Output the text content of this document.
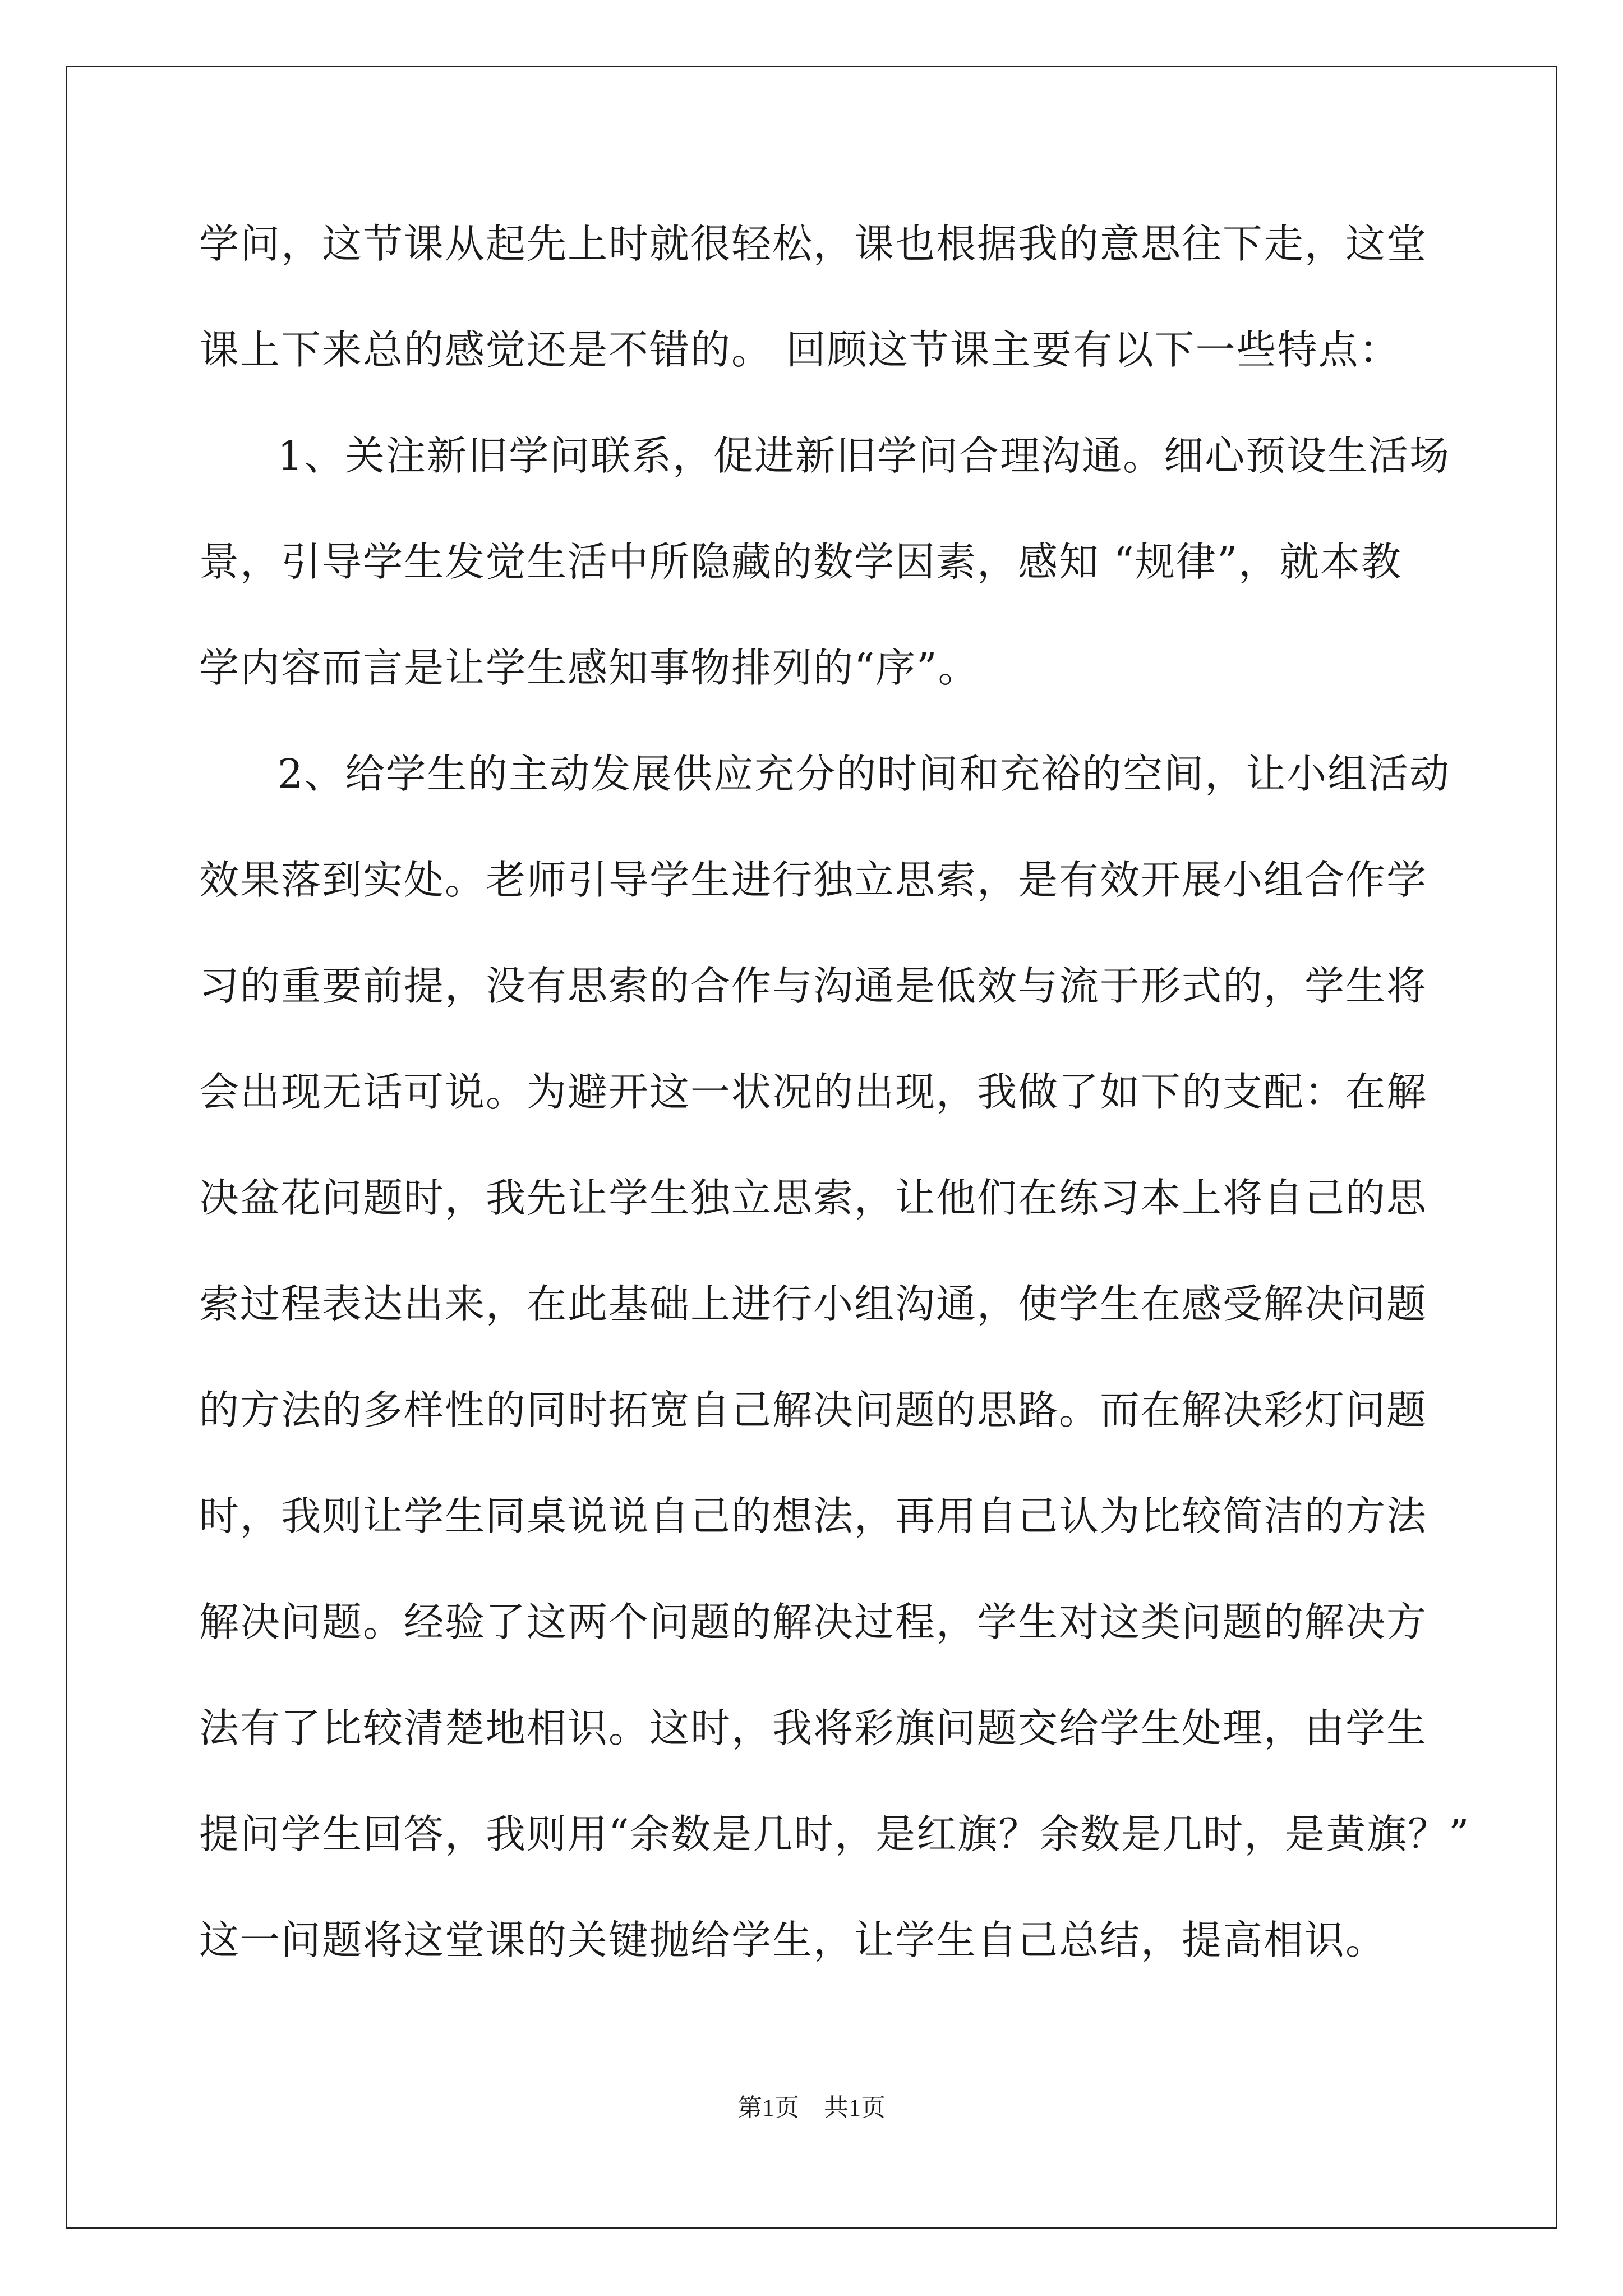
学问，这节课从起先上时就很轻松，课也根据我的意思往下走，这堂
课上下来总的感觉还是不错的。 回顾这节课主要有以下一些特点：
1、关注新旧学问联系，促进新旧学问合理沟通。细心预设生活场
景，引导学生发觉生活中所隐藏的数学因素，感知 “规律”，就本教
学内容而言是让学生感知事物排列的“序”。
2、给学生的主动发展供应充分的时间和充裕的空间，让小组活动
效果落到实处。老师引导学生进行独立思索，是有效开展小组合作学
习的重要前提，没有思索的合作与沟通是低效与流于形式的，学生将
会出现无话可说。为避开这一状况的出现，我做了如下的支配：在解
决盆花问题时，我先让学生独立思索，让他们在练习本上将自己的思
索过程表达出来，在此基础上进行小组沟通，使学生在感受解决问题
的方法的多样性的同时拓宽自己解决问题的思路。而在解决彩灯问题
时，我则让学生同桌说说自己的想法，再用自己认为比较简洁的方法
解决问题。经验了这两个问题的解决过程，学生对这类问题的解决方
法有了比较清楚地相识。这时，我将彩旗问题交给学生处理，由学生
提问学生回答，我则用“余数是几时，是红旗？余数是几时，是黄旗？”
这一问题将这堂课的关键抛给学生，让学生自己总结，提高相识。
第1页　共1页
